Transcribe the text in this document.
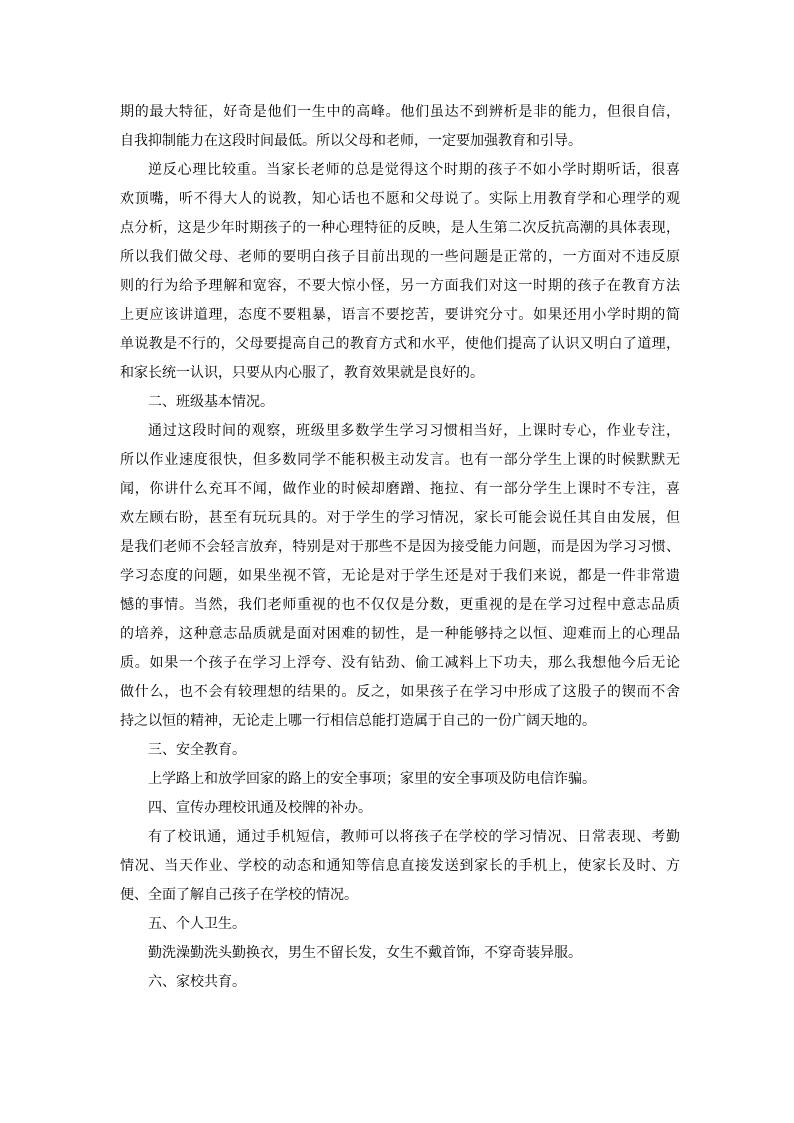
期的最大特征，好奇是他们一生中的高峰。他们虽达不到辨析是非的能力，但很自信，
自我抑制能力在这段时间最低。所以父母和老师，一定要加强教育和引导。
逆反心理比较重。当家长老师的总是觉得这个时期的孩子不如小学时期听话，很喜
欢顶嘴，听不得大人的说教，知心话也不愿和父母说了。实际上用教育学和心理学的观
点分析，这是少年时期孩子的一种心理特征的反映，是人生第二次反抗高潮的具体表现，
所以我们做父母、老师的要明白孩子目前出现的一些问题是正常的，一方面对不违反原
则的行为给予理解和宽容，不要大惊小怪，另一方面我们对这一时期的孩子在教育方法
上更应该讲道理，态度不要粗暴，语言不要挖苦，要讲究分寸。如果还用小学时期的简
单说教是不行的，父母要提高自己的教育方式和水平，使他们提高了认识又明白了道理，
和家长统一认识，只要从内心服了，教育效果就是良好的。
二、班级基本情况。
通过这段时间的观察，班级里多数学生学习习惯相当好，上课时专心，作业专注，
所以作业速度很快，但多数同学不能积极主动发言。也有一部分学生上课的时候默默无
闻，你讲什么充耳不闻，做作业的时候却磨蹭、拖拉、有一部分学生上课时不专注，喜
欢左顾右盼，甚至有玩玩具的。对于学生的学习情况，家长可能会说任其自由发展，但
是我们老师不会轻言放弃，特别是对于那些不是因为接受能力问题，而是因为学习习惯、
学习态度的问题，如果坐视不管，无论是对于学生还是对于我们来说，都是一件非常遗
憾的事情。当然，我们老师重视的也不仅仅是分数，更重视的是在学习过程中意志品质
的培养，这种意志品质就是面对困难的韧性，是一种能够持之以恒、迎难而上的心理品
质。如果一个孩子在学习上浮夸、没有钻劲、偷工减料上下功夫，那么我想他今后无论
做什么，也不会有较理想的结果的。反之，如果孩子在学习中形成了这股子的锲而不舍
持之以恒的精神，无论走上哪一行相信总能打造属于自己的一份广阔天地的。
三、安全教育。
上学路上和放学回家的路上的安全事项；家里的安全事项及防电信诈骗。
四、宣传办理校讯通及校牌的补办。
有了校讯通，通过手机短信，教师可以将孩子在学校的学习情况、日常表现、考勤
情况、当天作业、学校的动态和通知等信息直接发送到家长的手机上，使家长及时、方
便、全面了解自己孩子在学校的情况。
五、个人卫生。
勤洗澡勤洗头勤换衣，男生不留长发，女生不戴首饰，不穿奇装异服。
六、家校共育。
